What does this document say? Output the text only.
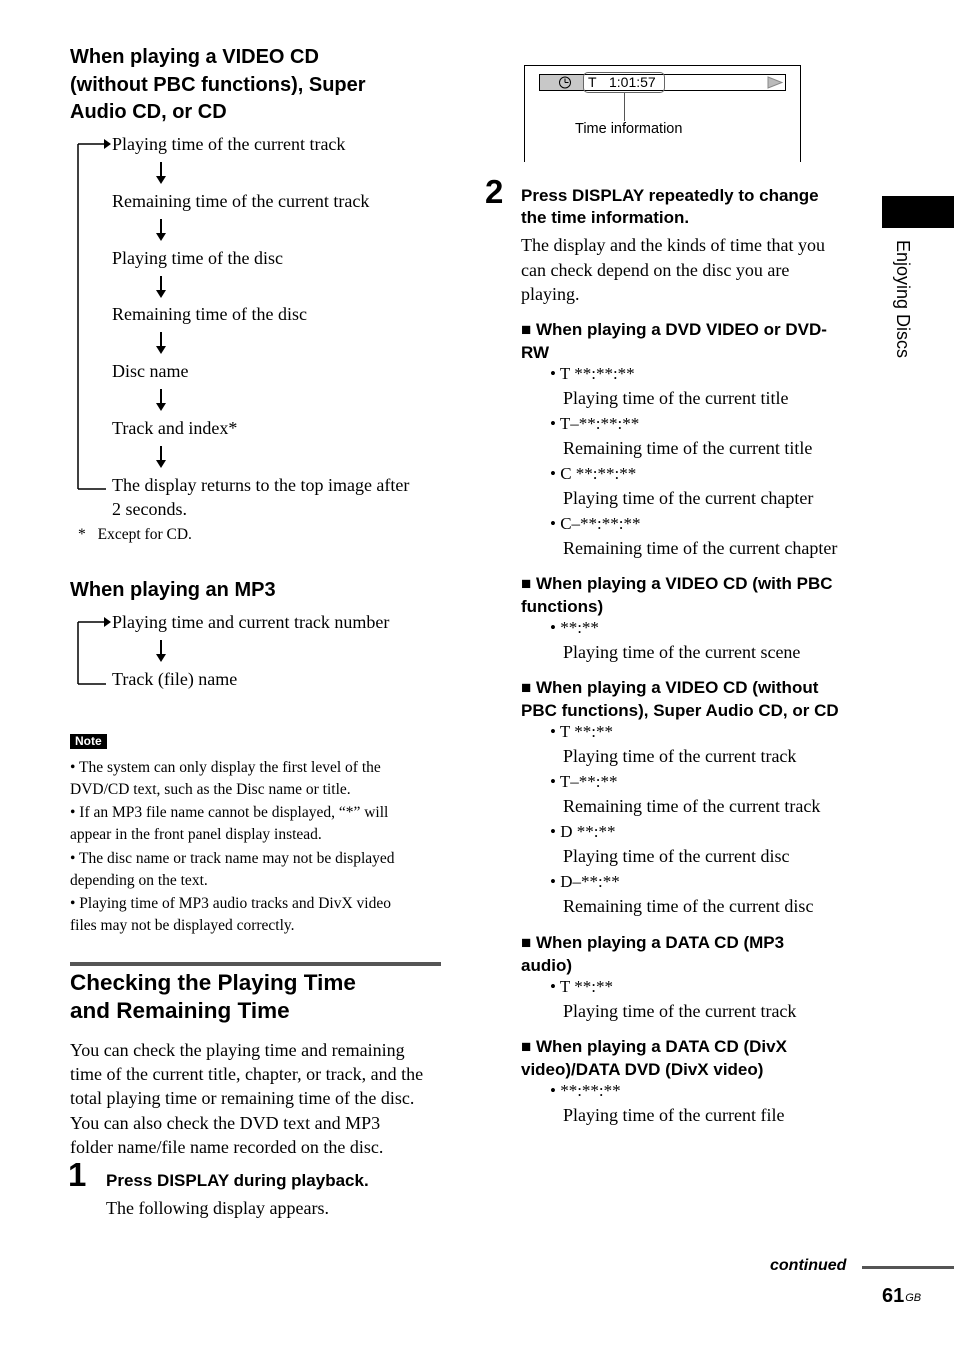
When playing a VIDEO CD
(without PBC functions), Super
Audio CD, or CD
Playing time of the current track
Remaining time of the current track
Playing time of the disc
Remaining time of the disc
Disc name
Track and index*
The display returns to the top image after
2 seconds.
* Except for CD.
When playing an MP3
Playing time and current track number
Track (file) name
Note
• The system can only display the first level of the
DVD/CD text, such as the Disc name or title.
• If an MP3 file name cannot be displayed, “*” will
appear in the front panel display instead.
• The disc name or track name may not be displayed
depending on the text.
• Playing time of MP3 audio tracks and DivX video
files may not be displayed correctly.
Checking the Playing Time
and Remaining Time
You can check the playing time and remaining
time of the current title, chapter, or track, and the
total playing time or remaining time of the disc.
You can also check the DVD text and MP3
folder name/file name recorded on the disc.
1 Press DISPLAY during playback.
The following display appears.
T 1:01:57
Time information
2 Press DISPLAY repeatedly to change
the time information.
The display and the kinds of time that you
can check depend on the disc you are
playing.
■ When playing a DVD VIDEO or DVD-
RW
• T **:**:**
Playing time of the current title
• T–**:**:**
Remaining time of the current title
• C **:**:**
Playing time of the current chapter
• C–**:**:**
Remaining time of the current chapter
■ When playing a VIDEO CD (with PBC
functions)
• **:**
Playing time of the current scene
■ When playing a VIDEO CD (without
PBC functions), Super Audio CD, or CD
• T **:**
Playing time of the current track
• T–**:**
Remaining time of the current track
• D **:**
Playing time of the current disc
• D–**:**
Remaining time of the current disc
■ When playing a DATA CD (MP3
audio)
• T **:**
Playing time of the current track
■ When playing a DATA CD (DivX
video)/DATA DVD (DivX video)
• **:**:**
Playing time of the current file
Enjoying Discs
continued
$61^{GB}$
